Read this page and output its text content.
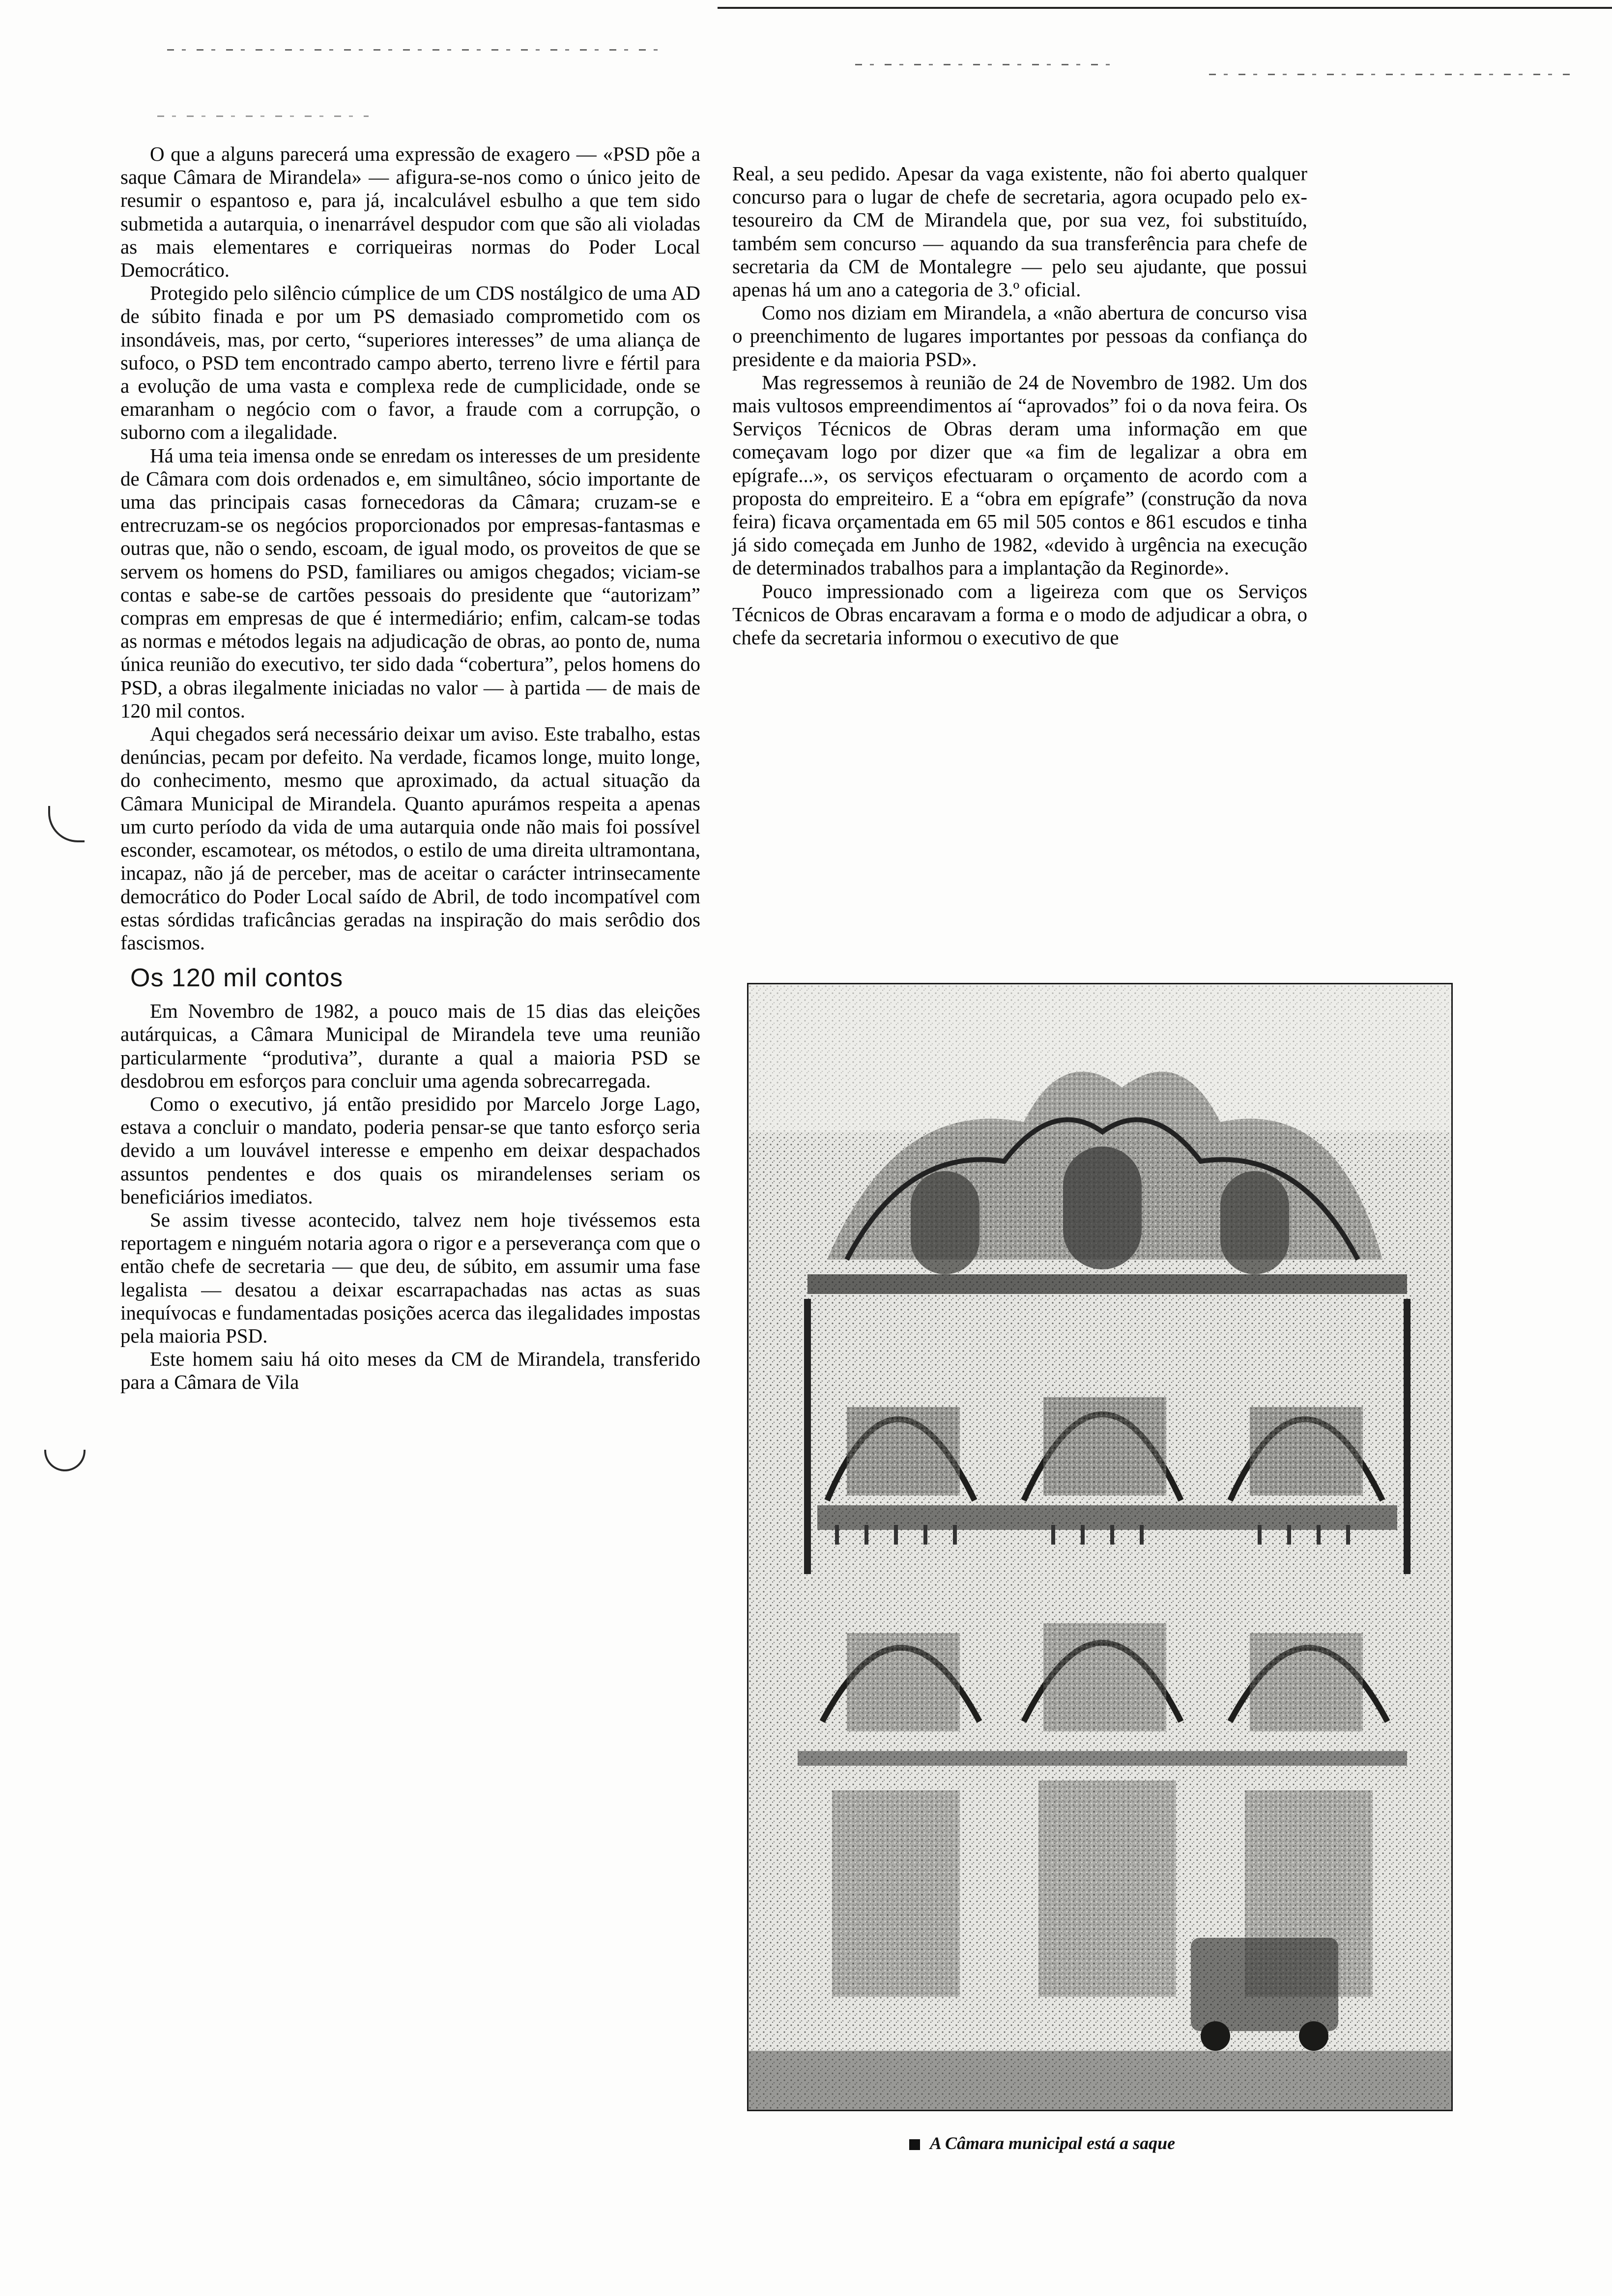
O que a alguns parecerá uma expressão de exagero — «PSD põe a saque Câmara de Mirandela» — afigura-se-nos como o único jeito de resumir o espantoso e, para já, incalculável esbulho a que tem sido submetida a autarquia, o inenarrável despudor com que são ali violadas as mais elementares e corriqueiras normas do Poder Local Democrático.

Protegido pelo silêncio cúmplice de um CDS nostálgico de uma AD de súbito finada e por um PS demasiado comprometido com os insondáveis, mas, por certo, “superiores interesses” de uma aliança de sufoco, o PSD tem encontrado campo aberto, terreno livre e fértil para a evolução de uma vasta e complexa rede de cumplicidade, onde se emaranham o negócio com o favor, a fraude com a corrupção, o suborno com a ilegalidade.

Há uma teia imensa onde se enredam os interesses de um presidente de Câmara com dois ordenados e, em simultâneo, sócio importante de uma das principais casas fornecedoras da Câmara; cruzam-se e entrecruzam-se os negócios proporcionados por empresas-fantasmas e outras que, não o sendo, escoam, de igual modo, os proveitos de que se servem os homens do PSD, familiares ou amigos chegados; viciam-se contas e sabe-se de cartões pessoais do presidente que “autorizam” compras em empresas de que é intermediário; enfim, calcam-se todas as normas e métodos legais na adjudicação de obras, ao ponto de, numa única reunião do executivo, ter sido dada “cobertura”, pelos homens do PSD, a obras ilegalmente iniciadas no valor — à partida — de mais de 120 mil contos.

Aqui chegados será necessário deixar um aviso. Este trabalho, estas denúncias, pecam por defeito. Na verdade, ficamos longe, muito longe, do conhecimento, mesmo que aproximado, da actual situação da Câmara Municipal de Mirandela. Quanto apurámos respeita a apenas um curto período da vida de uma autarquia onde não mais foi possível esconder, escamotear, os métodos, o estilo de uma direita ultramontana, incapaz, não já de perceber, mas de aceitar o carácter intrinsecamente democrático do Poder Local saído de Abril, de todo incompatível com estas sórdidas traficâncias geradas na inspiração do mais serôdio dos fascismos.

Os 120 mil contos

Em Novembro de 1982, a pouco mais de 15 dias das eleições autárquicas, a Câmara Municipal de Mirandela teve uma reunião particularmente “produtiva”, durante a qual a maioria PSD se desdobrou em esforços para concluir uma agenda sobrecarregada.

Como o executivo, já então presidido por Marcelo Jorge Lago, estava a concluir o mandato, poderia pensar-se que tanto esforço seria devido a um louvável interesse e empenho em deixar despachados assuntos pendentes e dos quais os mirandelenses seriam os beneficiários imediatos.

Se assim tivesse acontecido, talvez nem hoje tivéssemos esta reportagem e ninguém notaria agora o rigor e a perseverança com que o então chefe de secretaria — que deu, de súbito, em assumir uma fase legalista — desatou a deixar escarrapachadas nas actas as suas inequívocas e fundamentadas posições acerca das ilegalidades impostas pela maioria PSD.

Este homem saiu há oito meses da CM de Mirandela, transferido para a Câmara de Vila

Real, a seu pedido. Apesar da vaga existente, não foi aberto qualquer concurso para o lugar de chefe de secretaria, agora ocupado pelo ex-tesoureiro da CM de Mirandela que, por sua vez, foi substituído, também sem concurso — aquando da sua transferência para chefe de secretaria da CM de Montalegre — pelo seu ajudante, que possui apenas há um ano a categoria de 3.º oficial.

Como nos diziam em Mirandela, a «não abertura de concurso visa o preenchimento de lugares importantes por pessoas da confiança do presidente e da maioria PSD».

Mas regressemos à reunião de 24 de Novembro de 1982. Um dos mais vultosos empreendimentos aí “aprovados” foi o da nova feira. Os Serviços Técnicos de Obras deram uma informação em que começavam logo por dizer que «a fim de legalizar a obra em epígrafe...», os serviços efectuaram o orçamento de acordo com a proposta do empreiteiro. E a “obra em epígrafe” (construção da nova feira) ficava orçamentada em 65 mil 505 contos e 861 escudos e tinha já sido começada em Junho de 1982, «devido à urgência na execução de determinados trabalhos para a implantação da Reginorde».

Pouco impressionado com a ligeireza com que os Serviços Técnicos de Obras encaravam a forma e o modo de adjudicar a obra, o chefe da secretaria informou o executivo de que

A Câmara municipal está a saque
